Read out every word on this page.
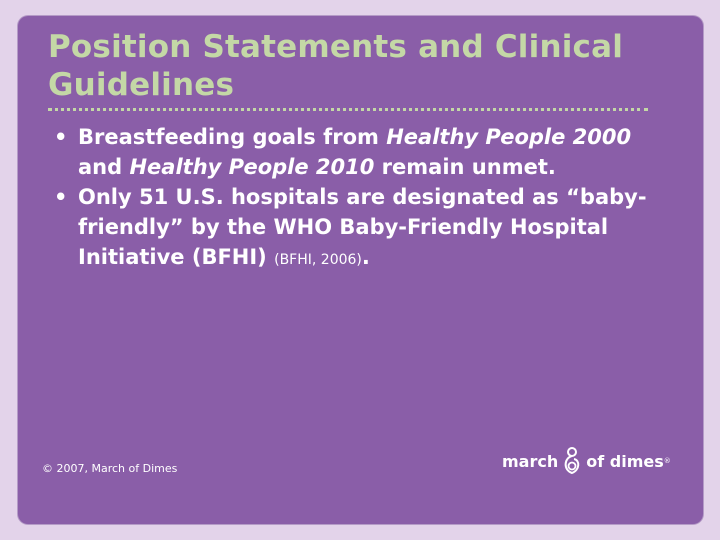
Position Statements and Clinical Guidelines
• Breastfeeding goals from Healthy People 2000 and Healthy People 2010 remain unmet.
• Only 51 U.S. hospitals are designated as “baby-friendly” by the WHO Baby-Friendly Hospital Initiative (BFHI) (BFHI, 2006).
© 2007, March of Dimes	march of dimes ®
